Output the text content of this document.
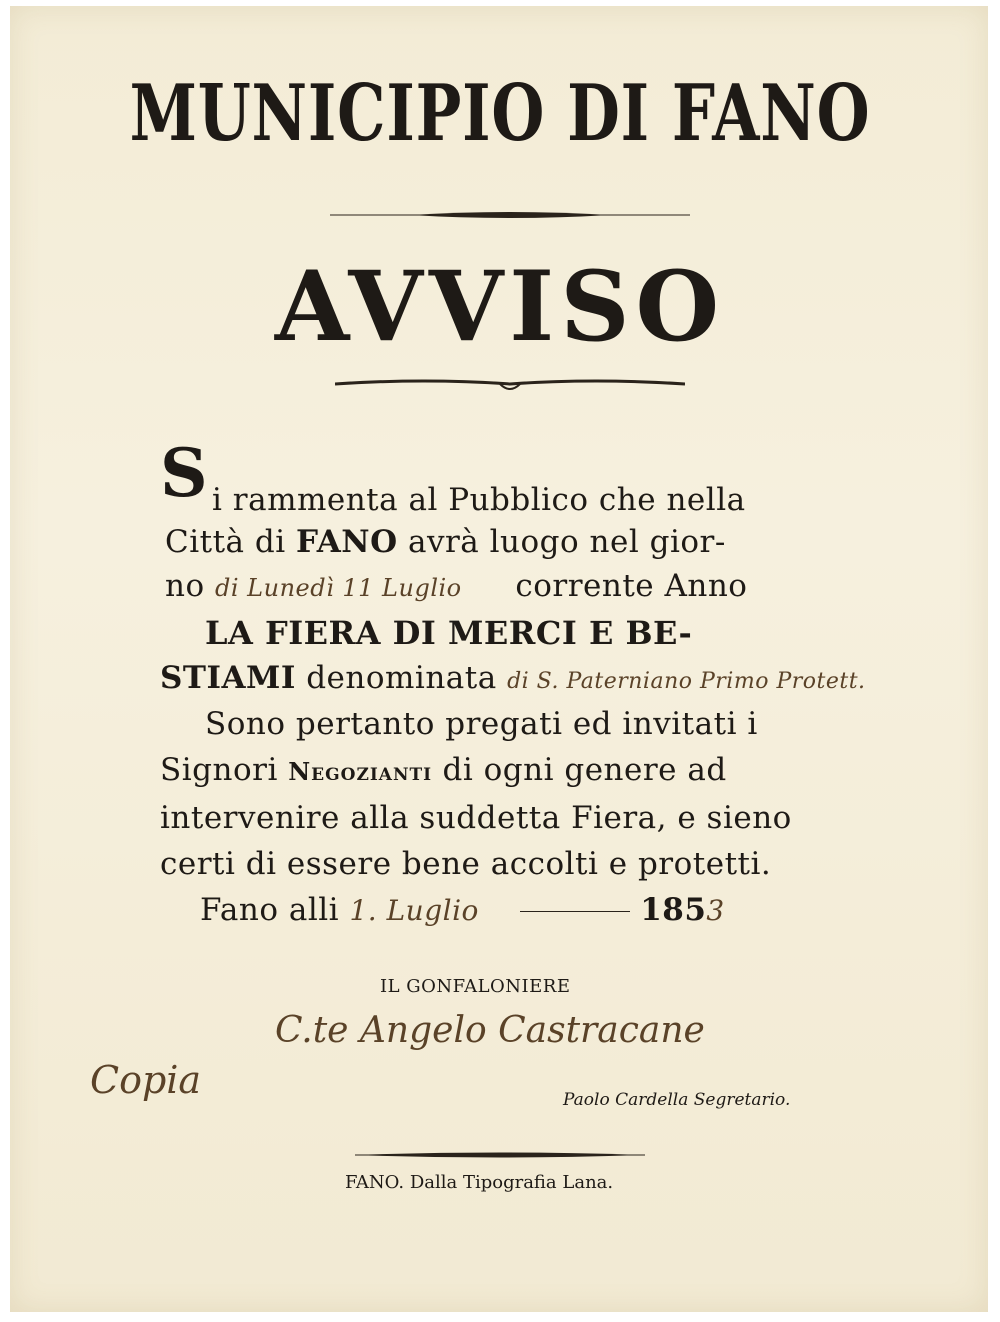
MUNICIPIO DI FANO
AVVISO
S i rammenta al Pubblico che nella
Città di FANO avrà luogo nel gior-
no di Lunedì 11 Luglio corrente Anno
LA FIERA DI MERCI E BE-
STIAMI denominata di S. Paterniano Primo Protett.
Sono pertanto pregati ed invitati i
Signori Negozianti di ogni genere ad
intervenire alla suddetta Fiera, e sieno
certi di essere bene accolti e protetti.
Fano alli 1. Luglio	1853
IL GONFALONIERE
C.te Angelo Castracane
Copia	Paolo Cardella Segretario.
FANO. Dalla Tipografia Lana.
